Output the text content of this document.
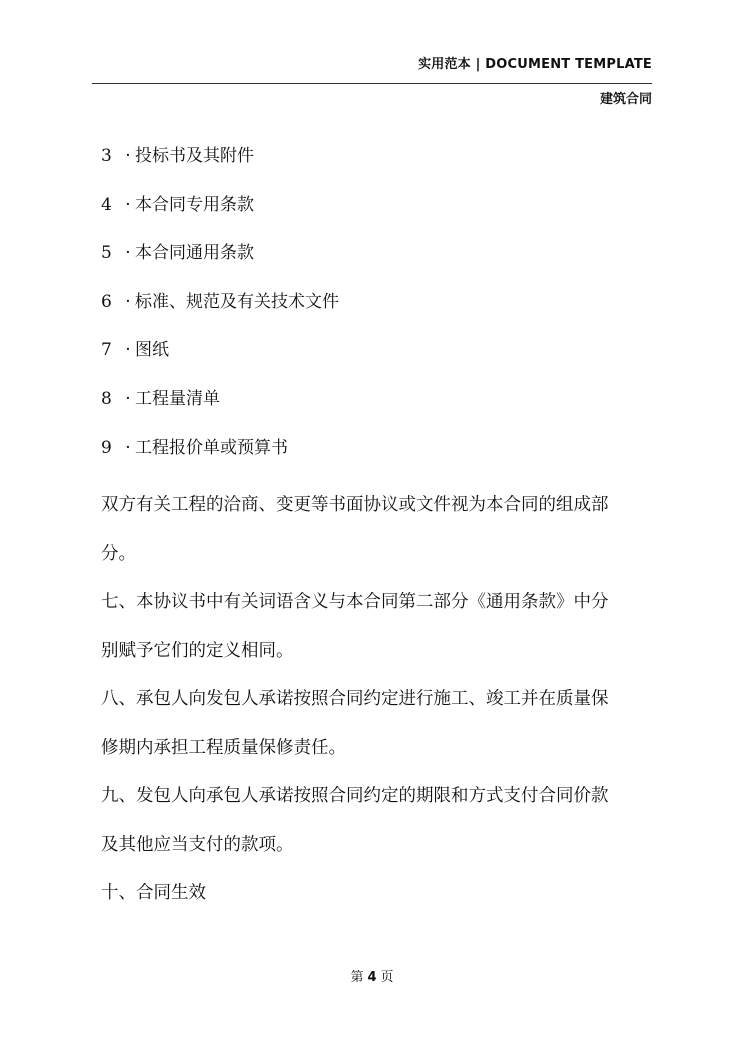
实用范本 | DOCUMENT TEMPLATE
建筑合同
3 · 投标书及其附件
4 · 本合同专用条款
5 · 本合同通用条款
6 · 标准、规范及有关技术文件
7 · 图纸
8 · 工程量清单
9 · 工程报价单或预算书

双方有关工程的洽商、变更等书面协议或文件视为本合同的组成部
分。

七、本协议书中有关词语含义与本合同第二部分《通用条款》中分
别赋予它们的定义相同。

八、承包人向发包人承诺按照合同约定进行施工、竣工并在质量保
修期内承担工程质量保修责任。

九、发包人向承包人承诺按照合同约定的期限和方式支付合同价款
及其他应当支付的款项。

十、合同生效

第 4 页
